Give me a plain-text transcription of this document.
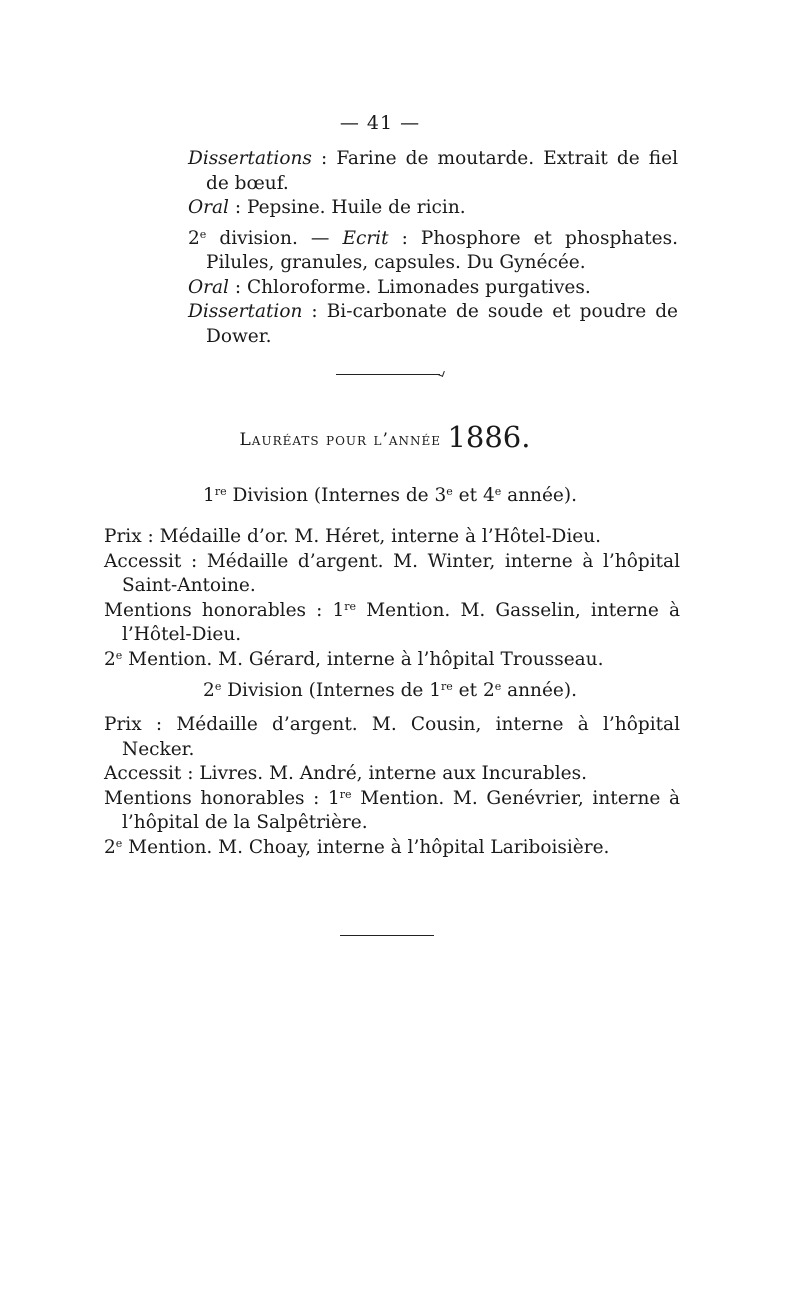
— 41 —

Dissertations : Farine de moutarde. Extrait de fiel de bœuf.

Oral : Pepsine. Huile de ricin.

2e division. — Ecrit : Phosphore et phosphates. Pilules, granules, capsules. Du Gynécée.

Oral : Chloroforme. Limonades purgatives.

Dissertation : Bi-carbonate de soude et poudre de Dower.

Lauréats pour l’année 1886.
1re Division (Internes de 3e et 4e année).

Prix : Médaille d’or. M. Héret, interne à l’Hôtel-Dieu.

Accessit : Médaille d’argent. M. Winter, interne à l’hôpital Saint-Antoine.

Mentions honorables : 1re Mention. M. Gasselin, interne à l’Hôtel-Dieu.

2e Mention. M. Gérard, interne à l’hôpital Trousseau.

2e Division (Internes de 1re et 2e année).

Prix : Médaille d’argent. M. Cousin, interne à l’hôpital Necker.

Accessit : Livres. M. André, interne aux Incurables.

Mentions honorables : 1re Mention. M. Genévrier, interne à l’hôpital de la Salpêtrière.

2e Mention. M. Choay, interne à l’hôpital Lariboisière.
